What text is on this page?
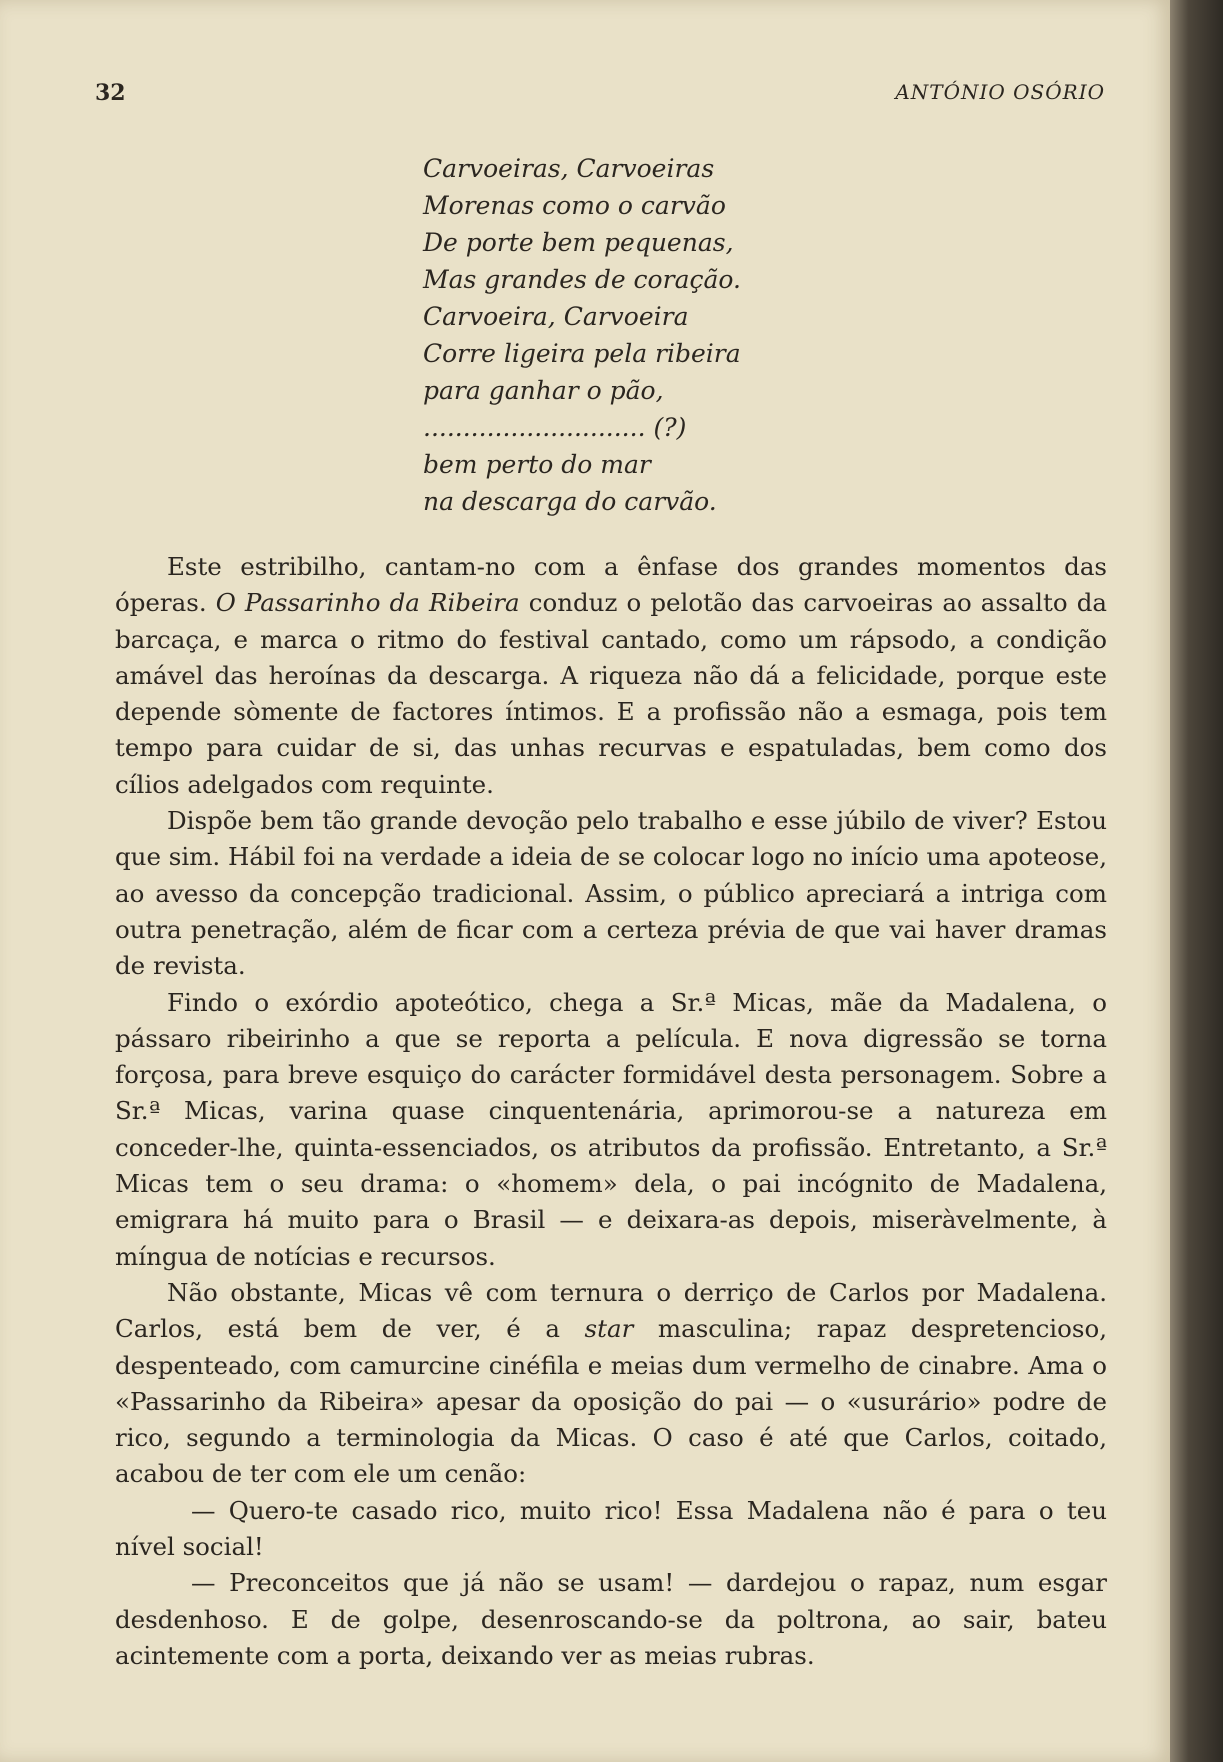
32	ANTÓNIO OSÓRIO
Carvoeiras, Carvoeiras
Morenas como o carvão
De porte bem pequenas,
Mas grandes de coração.
Carvoeira, Carvoeira
Corre ligeira pela ribeira
para ganhar o pão,
............................ (?)
bem perto do mar
na descarga do carvão.

Este estribilho, cantam-no com a ênfase dos grandes momentos das óperas. O Passarinho da Ribeira conduz o pelotão das carvoeiras ao assalto da barcaça, e marca o ritmo do festival cantado, como um rápsodo, a condição amável das heroínas da descarga. A riqueza não dá a felicidade, porque este depende sòmente de factores íntimos. E a profissão não a esmaga, pois tem tempo para cuidar de si, das unhas recurvas e espatuladas, bem como dos cílios adelgados com requinte.

Dispõe bem tão grande devoção pelo trabalho e esse júbilo de viver? Estou que sim. Hábil foi na verdade a ideia de se colocar logo no início uma apoteose, ao avesso da concepção tradicional. Assim, o público apreciará a intriga com outra penetração, além de ficar com a certeza prévia de que vai haver dramas de revista.

Findo o exórdio apoteótico, chega a Sr.ª Micas, mãe da Madalena, o pássaro ribeirinho a que se reporta a película. E nova digressão se torna forçosa, para breve esquiço do carácter formidável desta personagem. Sobre a Sr.ª Micas, varina quase cinquentenária, aprimorou-se a natureza em conceder-lhe, quinta-essenciados, os atributos da profissão. Entretanto, a Sr.ª Micas tem o seu drama: o «homem» dela, o pai incógnito de Madalena, emigrara há muito para o Brasil — e deixara-as depois, miseràvelmente, à míngua de notícias e recursos.

Não obstante, Micas vê com ternura o derriço de Carlos por Madalena. Carlos, está bem de ver, é a star masculina; rapaz despretencioso, despenteado, com camurcine cinéfila e meias dum vermelho de cinabre. Ama o «Passarinho da Ribeira» apesar da oposição do pai — o «usurário» podre de rico, segundo a terminologia da Micas. O caso é até que Carlos, coitado, acabou de ter com ele um cenão:

— Quero-te casado rico, muito rico! Essa Madalena não é para o teu nível social!

— Preconceitos que já não se usam! — dardejou o rapaz, num esgar desdenhoso. E de golpe, desenroscando-se da poltrona, ao sair, bateu acintemente com a porta, deixando ver as meias rubras.
